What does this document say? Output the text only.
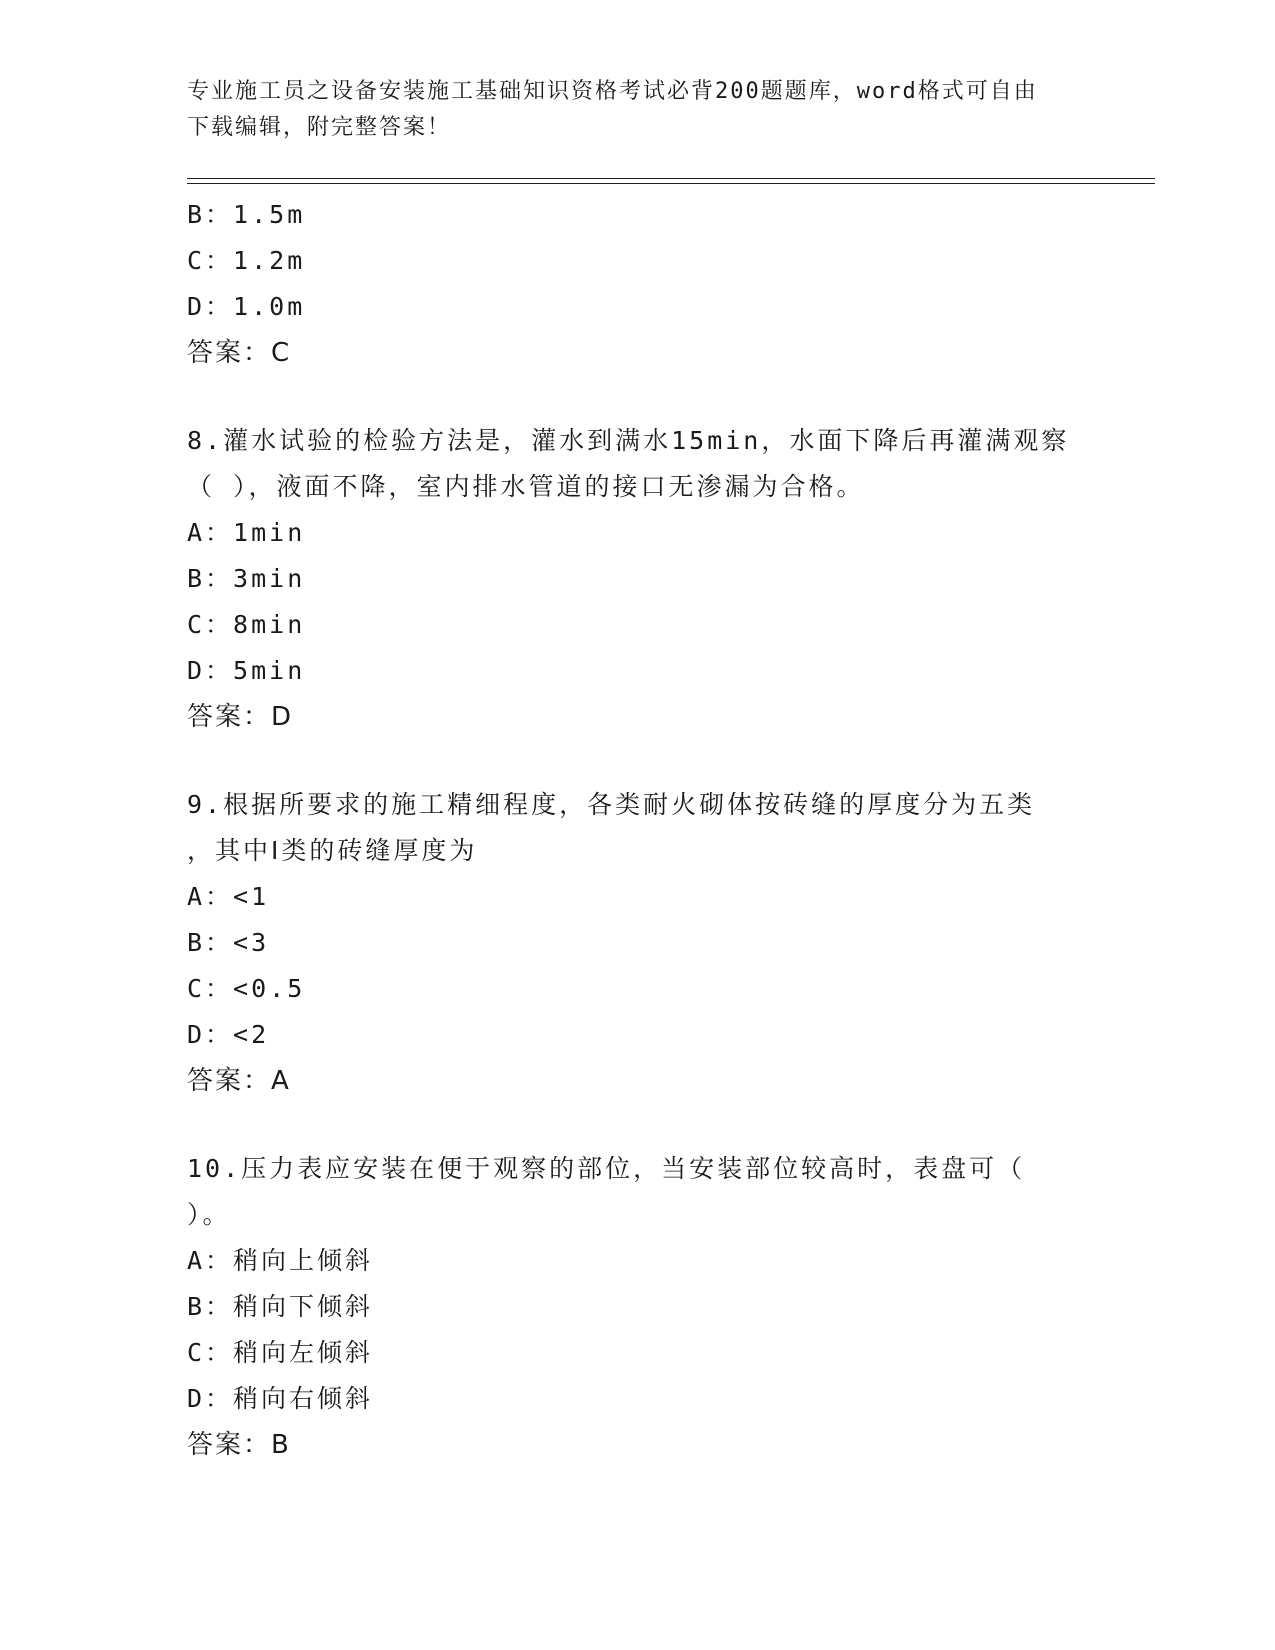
专业施工员之设备安装施工基础知识资格考试必背200题题库，word格式可自由
下载编辑，附完整答案！
B：1.5m
C：1.2m
D：1.0m
答案：C
8.灌水试验的检验方法是，灌水到满水15min，水面下降后再灌满观察
（ ），液面不降，室内排水管道的接口无渗漏为合格。
A：1min
B：3min
C：8min
D：5min
答案：D
9.根据所要求的施工精细程度，各类耐火砌体按砖缝的厚度分为五类
，其中Ⅰ类的砖缝厚度为
A：<1
B：<3
C：<0.5
D：<2
答案：A
10.压力表应安装在便于观察的部位，当安装部位较高时，表盘可（
）。
A：稍向上倾斜
B：稍向下倾斜
C：稍向左倾斜
D：稍向右倾斜
答案：B
